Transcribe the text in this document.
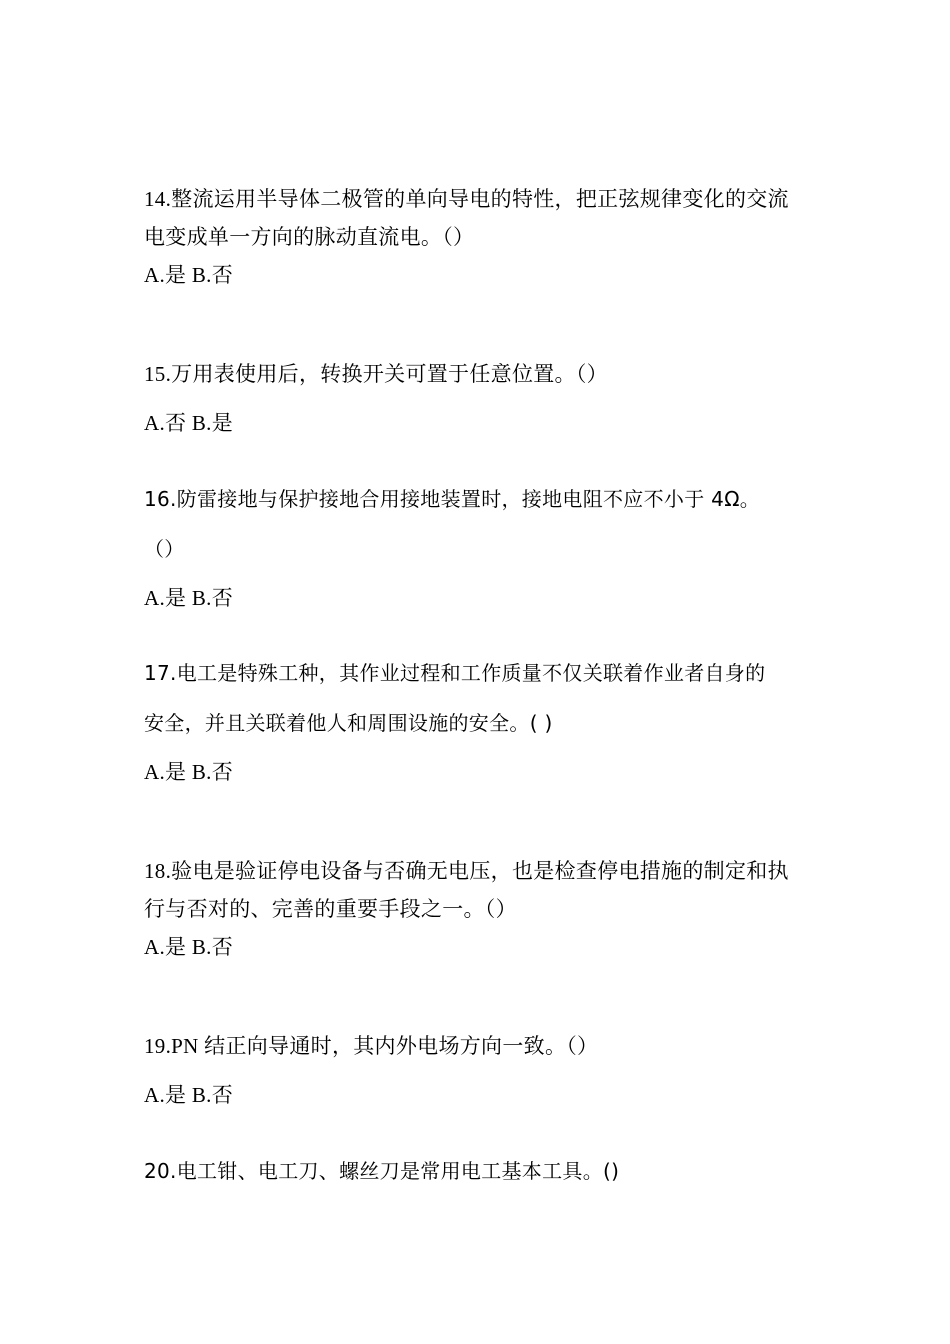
14.整流运用半导体二极管的单向导电的特性，把正弦规律变化的交流
电变成单一方向的脉动直流电。（）
A.是 B.否
15.万用表使用后，转换开关可置于任意位置。（）
A.否 B.是
16.防雷接地与保护接地合用接地装置时，接地电阻不应不小于 4Ω。
（）
A.是 B.否
17.电工是特殊工种，其作业过程和工作质量不仅关联着作业者自身的
安全，并且关联着他人和周围设施的安全。( )
A.是 B.否
18.验电是验证停电设备与否确无电压，也是检查停电措施的制定和执
行与否对的、完善的重要手段之一。（）
A.是 B.否
19.PN 结正向导通时，其内外电场方向一致。（）
A.是 B.否
20.电工钳、电工刀、螺丝刀是常用电工基本工具。()
